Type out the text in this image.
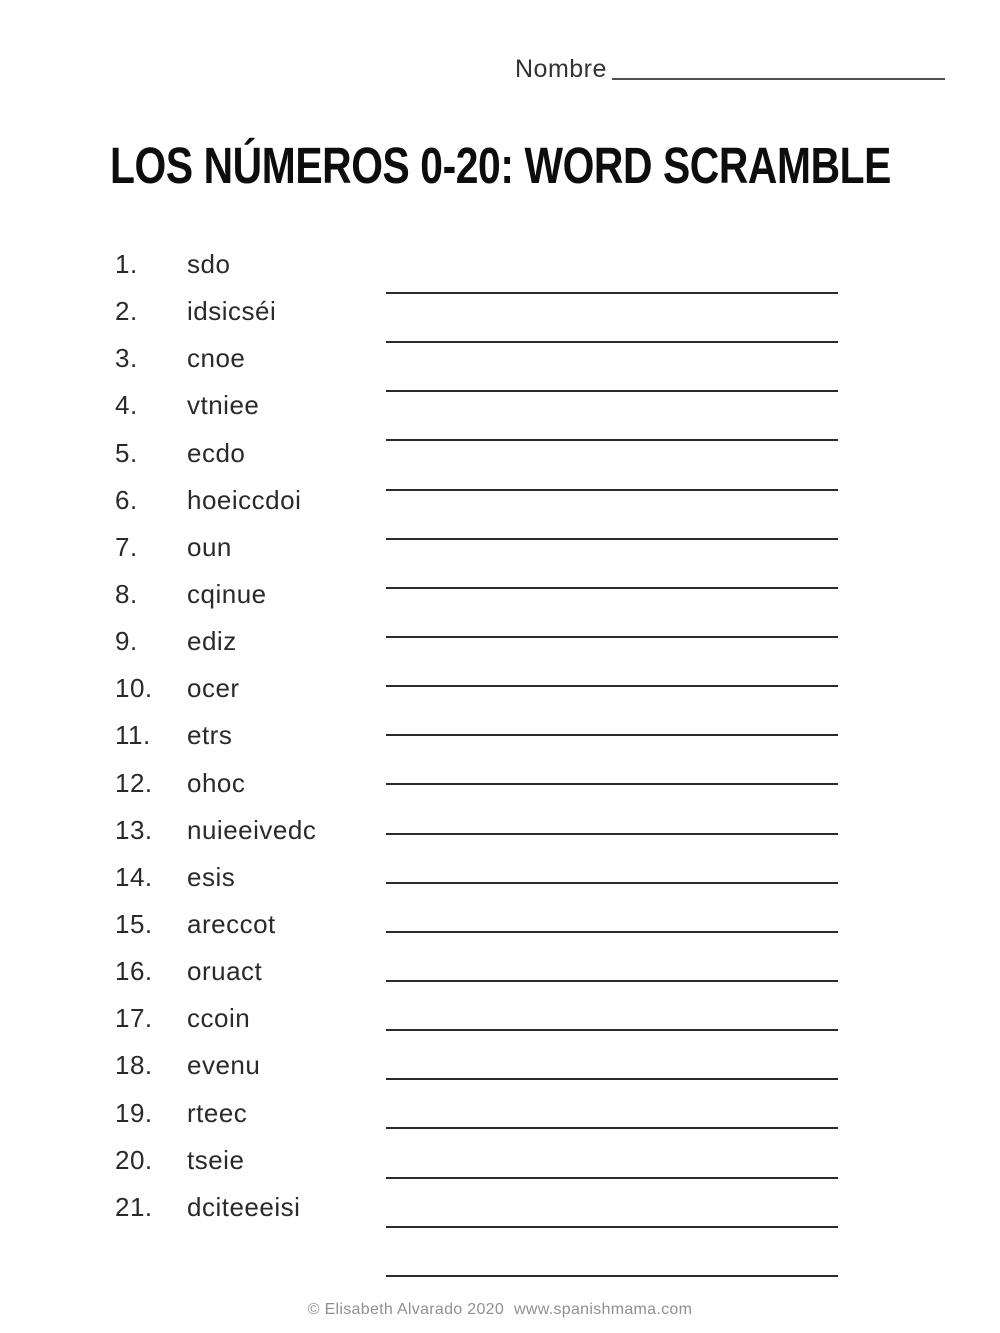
Nombre
LOS NÚMEROS 0-20: WORD SCRAMBLE
1.	sdo
2.	idsicséi
3.	cnoe
4.	vtniee
5.	ecdo
6.	hoeiccdoi
7.	oun
8.	cqinue
9.	ediz
10.	ocer
11.	etrs
12.	ohoc
13.	nuieeivedc
14.	esis
15.	areccot
16.	oruact
17.	ccoin
18.	evenu
19.	rteec
20.	tseie
21.	dciteeeisi
© Elisabeth Alvarado 2020 www.spanishmama.com
